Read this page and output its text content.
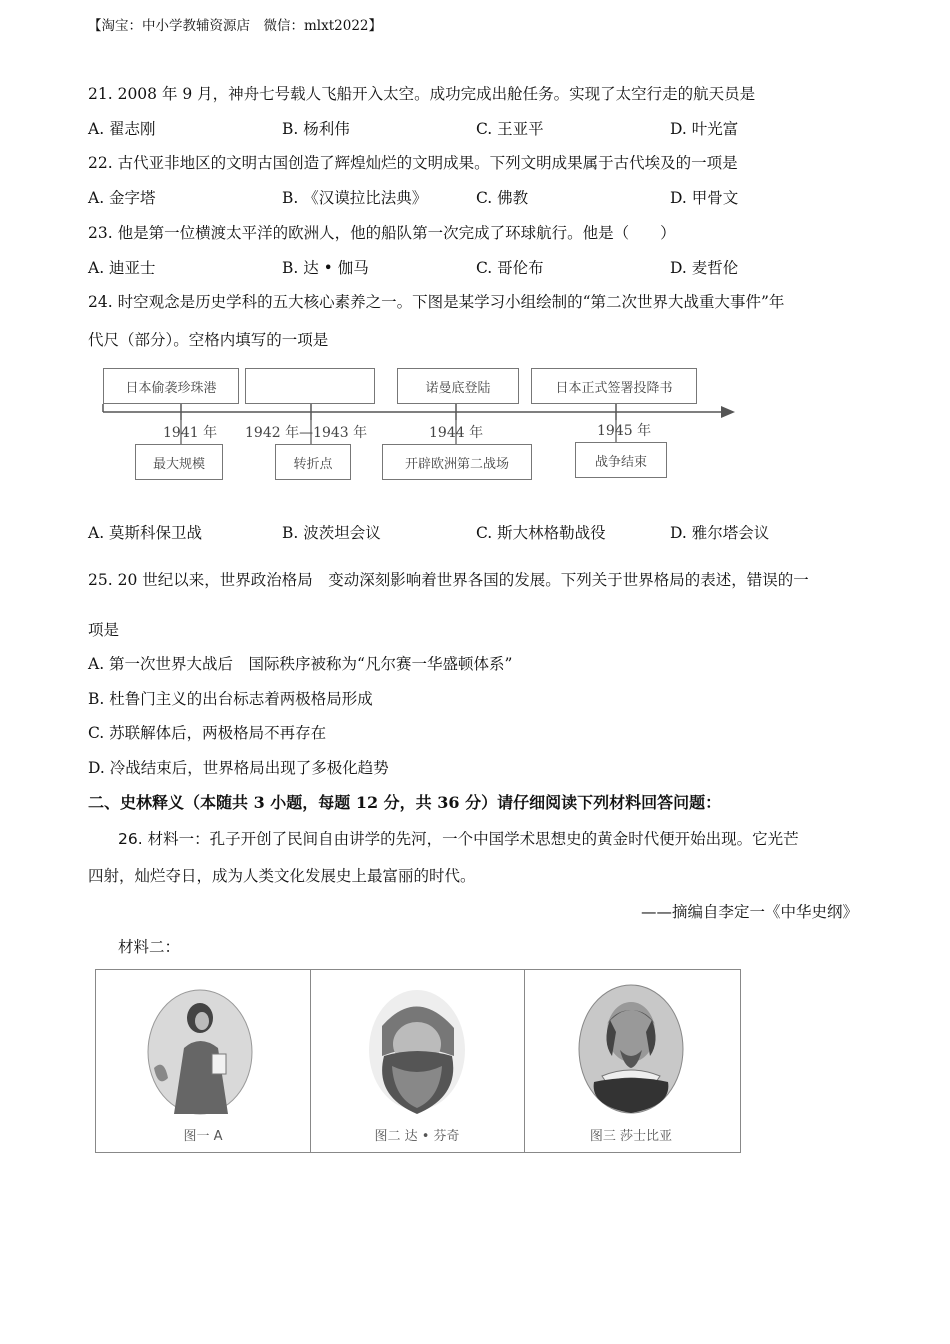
【淘宝：中小学教辅资源店　微信：mlxt2022】
21. 2008 年 9 月，神舟七号载人飞船开入太空。成功完成出舱任务。实现了太空行走的航天员是
A. 翟志刚	B. 杨利伟	C. 王亚平	D. 叶光富
22. 古代亚非地区的文明古国创造了辉煌灿烂的文明成果。下列文明成果属于古代埃及的一项是
A. 金字塔	B. 《汉谟拉比法典》	C. 佛教	D. 甲骨文
23. 他是第一位横渡太平洋的欧洲人，他的船队第一次完成了环球航行。他是（　　）
A. 迪亚士	B. 达 • 伽马	C. 哥伦布	D. 麦哲伦
24. 时空观念是历史学科的五大核心素养之一。下图是某学习小组绘制的“第二次世界大战重大事件”年
代尺（部分）。空格内填写的一项是
日本偷袭珍珠港	诺曼底登陆	日本正式签署投降书
1941 年 1942 年—1943 年	1944 年	1945 年
最大规模	转折点	开辟欧洲第二战场	战争结束
A. 莫斯科保卫战	B. 波茨坦会议	C. 斯大林格勒战役	D. 雅尔塔会议
25. 20 世纪以来，世界政治格局　变动深刻影响着世界各国的发展。下列关于世界格局的表述，错误的一
项是
A. 第一次世界大战后　国际秩序被称为“凡尔赛一华盛顿体系”
B. 杜鲁门主义的出台标志着两极格局形成
C. 苏联解体后，两极格局不再存在
D. 冷战结束后，世界格局出现了多极化趋势
二、史林释义（本随共 3 小题，每题 12 分，共 36 分）请仔细阅读下列材料回答问题：
26. 材料一：孔子开创了民间自由讲学的先河，一个中国学术思想史的黄金时代便开始出现。它光芒
四射，灿烂夺日，成为人类文化发展史上最富丽的时代。
——摘编自李定一《中华史纲》
材料二：
图一 A	图二 达 • 芬奇	图三 莎士比亚
